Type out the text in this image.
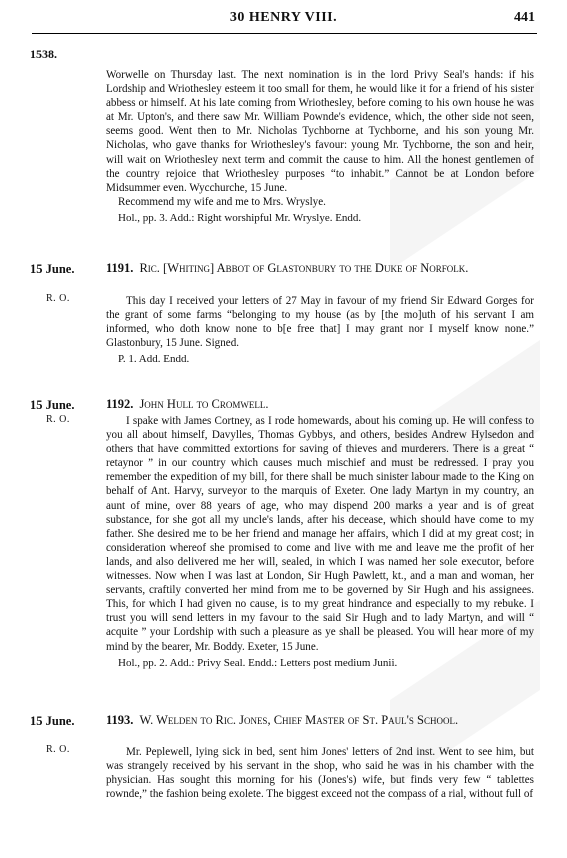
30 HENRY VIII.	441
1538.

Worwelle on Thursday last. The next nomination is in the lord Privy Seal's hands: if his Lordship and Wriothesley esteem it too small for them, he would like it for a friend of his sister abbess or himself. At his late coming from Wriothesley, before coming to his own house he was at Mr. Upton's, and there saw Mr. William Pownde's evidence, which, the other side not seen, seems good. Went then to Mr. Nicholas Tychborne at Tychborne, and his son young Mr. Nicholas, who gave thanks for Wriothesley's favour: young Mr. Tychborne, the son and heir, will wait on Wriothesley next term and commit the cause to him. All the honest gentlemen of the country rejoice that Wriothesley purposes “to inhabit.” Cannot be at London before Midsummer even. Wycchurche, 15 June.

Recommend my wife and me to Mrs. Wryslye.

Hol., pp. 3. Add.: Right worshipful Mr. Wryslye. Endd.

15 June.
R. O.
1191. Ric. [Whiting] Abbot of Glastonbury to the Duke of Norfolk.

This day I received your letters of 27 May in favour of my friend Sir Edward Gorges for the grant of some farms “belonging to my house (as by [the mo]uth of his servant I am informed, who doth know none to b[e free that] I may grant nor I myself know none.” Glastonbury, 15 June. Signed.

P. 1. Add. Endd.

15 June.
R. O.
1192. John Hull to Cromwell.

I spake with James Cortney, as I rode homewards, about his coming up. He will confess to you all about himself, Davylles, Thomas Gybbys, and others, besides Andrew Hylsedon and others that have committed extortions for saving of thieves and murderers. There is a great “ retaynor ” in our country which causes much mischief and must be redressed. I pray you remember the expedition of my bill, for there shall be much sinister labour made to the King on behalf of Ant. Harvy, surveyor to the marquis of Exeter. One lady Martyn in my country, an aunt of mine, over 88 years of age, who may dispend 200 marks a year and is of great substance, for she got all my uncle's lands, after his decease, which should have come to my father. She desired me to be her friend and manage her affairs, which I did at my great cost; in consideration whereof she promised to come and live with me and leave me the profit of her lands, and also delivered me her will, sealed, in which I was named her sole executor, before witnesses. Now when I was last at London, Sir Hugh Pawlett, kt., and a man and woman, her servants, craftily converted her mind from me to be governed by Sir Hugh and his assignees. This, for which I had given no cause, is to my great hindrance and especially to my rebuke. I trust you will send letters in my favour to the said Sir Hugh and to lady Martyn, and will “ acquite ” your Lordship with such a pleasure as ye shall be pleased. You will hear more of my mind by the bearer, Mr. Boddy. Exeter, 15 June.

Hol., pp. 2. Add.: Privy Seal. Endd.: Letters post medium Junii.

15 June.
R. O.
1193. W. Welden to Ric. Jones, Chief Master of St. Paul's School.

Mr. Peplewell, lying sick in bed, sent him Jones' letters of 2nd inst. Went to see him, but was strangely received by his servant in the shop, who said he was in his chamber with the physician. Has sought this morning for his (Jones's) wife, but finds very few “ tablettes rownde,” the fashion being exolete. The biggest exceed not the compass of a rial, without full of
